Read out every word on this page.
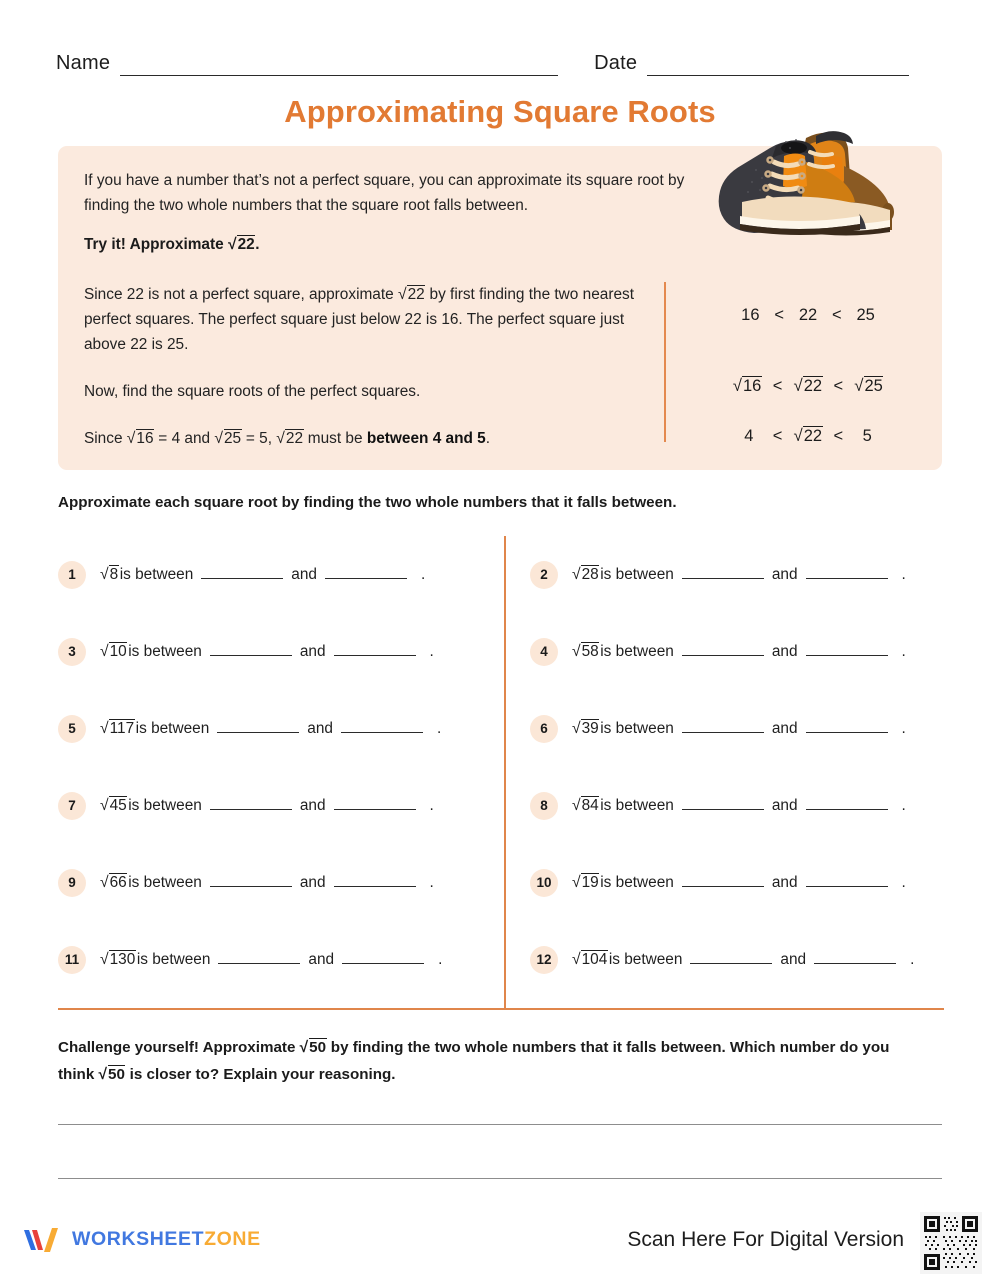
Name	Date
Approximating Square Roots
If you have a number that’s not a perfect square, you can approximate its square root by finding the two whole numbers that the square root falls between.
Try it! Approximate √22.

Since 22 is not a perfect square, approximate √22 by first finding the two nearest perfect squares. The perfect square just below 22 is 16. The perfect square just above 22 is 25.

Now, find the square roots of the perfect squares.

Since √16 = 4 and √25 = 5, √22 must be between 4 and 5.

16 < 22 < 25
√16 < √22 < √25
4	< √22 <	5
Approximate each square root by finding the two whole numbers that it falls between.
1	√8 is between	and	.
3	√10 is between	and	.
5	√117 is between	and	.
7	√45 is between	and	.
9	√66 is between	and	.
11	√130 is between	and	.
2	√28 is between	and	.
4	√58 is between	and	.
6	√39 is between	and	.
8	√84 is between	and	.
10	√19 is between	and	.
12	√104 is between	and	.
Challenge yourself! Approximate √50 by finding the two whole numbers that it falls between. Which number do you think √50 is closer to? Explain your reasoning.
WORKSHEETZONE	Scan Here For Digital Version
